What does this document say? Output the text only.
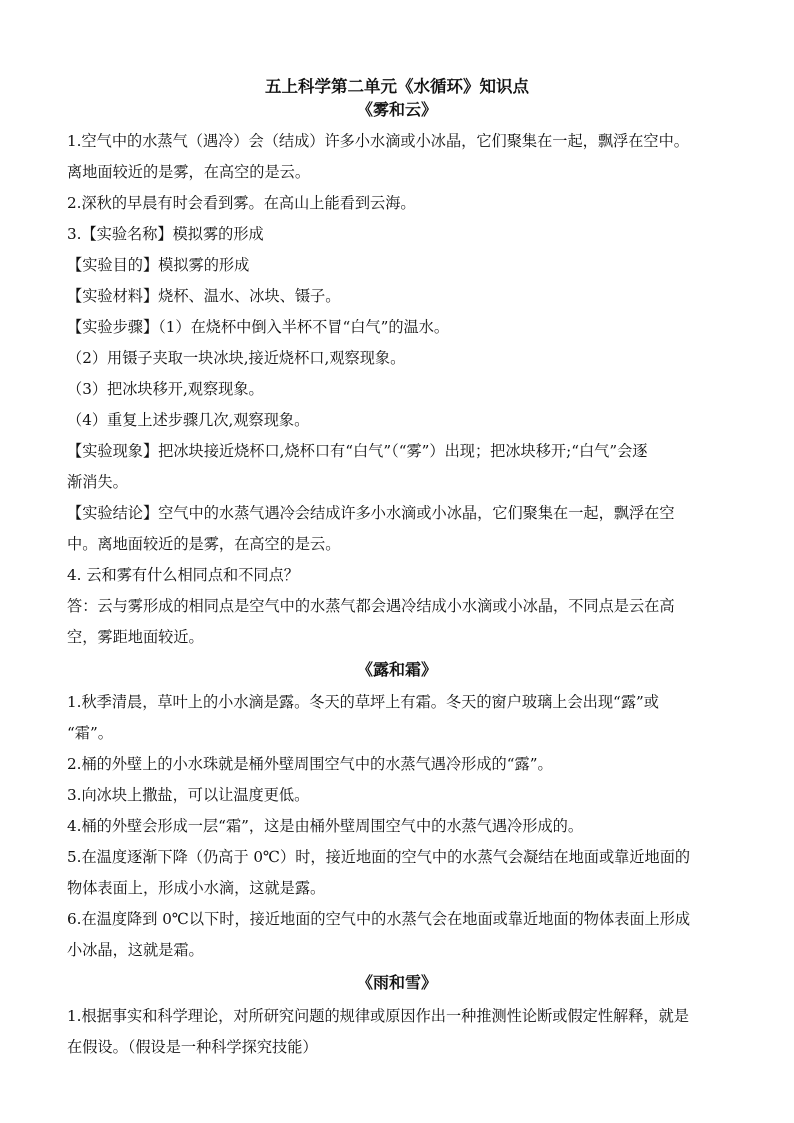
五上科学第二单元《水循环》知识点
《雾和云》

1.空气中的水蒸气（遇冷）会（结成）许多小水滴或小冰晶，它们聚集在一起，飘浮在空中。

离地面较近的是雾，在高空的是云。

2.深秋的早晨有时会看到雾。在高山上能看到云海。

3.【实验名称】模拟雾的形成

【实验目的】模拟雾的形成

【实验材料】烧杯、温水、冰块、镊子。

【实验步骤】（1）在烧杯中倒入半杯不冒“白气”的温水。

（2）用镊子夹取一块冰块,接近烧杯口,观察现象。

（3）把冰块移开,观察现象。

（4）重复上述步骤几次,观察现象。

【实验现象】把冰块接近烧杯口,烧杯口有“白气”（“雾”）出现；把冰块移开;“白气”会逐

渐消失。

【实验结论】空气中的水蒸气遇冷会结成许多小水滴或小冰晶，它们聚集在一起，飘浮在空

中。离地面较近的是雾，在高空的是云。

4. 云和雾有什么相同点和不同点？

答：云与雾形成的相同点是空气中的水蒸气都会遇冷结成小水滴或小冰晶，不同点是云在高

空，雾距地面较近。

《露和霜》

1.秋季清晨，草叶上的小水滴是露。冬天的草坪上有霜。冬天的窗户玻璃上会出现“露”或

“霜”。

2.桶的外壁上的小水珠就是桶外壁周围空气中的水蒸气遇冷形成的“露”。

3.向冰块上撒盐，可以让温度更低。

4.桶的外壁会形成一层“霜”，这是由桶外壁周围空气中的水蒸气遇冷形成的。

5.在温度逐渐下降（仍高于 0℃）时，接近地面的空气中的水蒸气会凝结在地面或靠近地面的

物体表面上，形成小水滴，这就是露。

6.在温度降到 0℃以下时，接近地面的空气中的水蒸气会在地面或靠近地面的物体表面上形成

小冰晶，这就是霜。

《雨和雪》

1.根据事实和科学理论，对所研究问题的规律或原因作出一种推测性论断或假定性解释，就是

在假设。（假设是一种科学探究技能）
